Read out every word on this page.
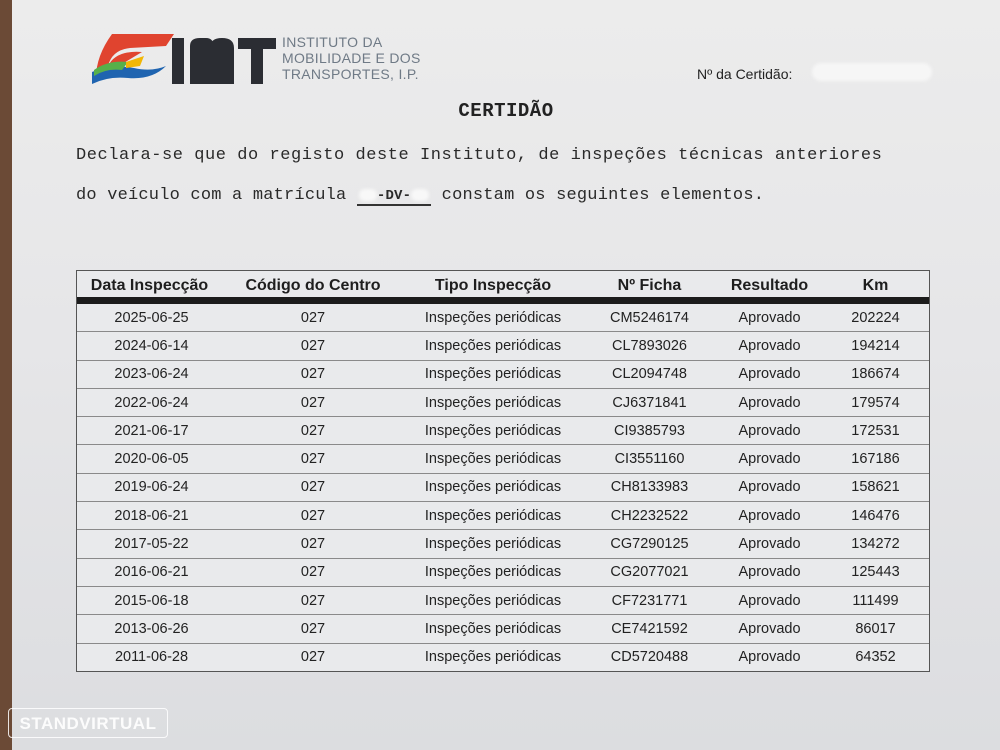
INSTITUTO DA
MOBILIDADE E DOS
TRANSPORTES, I.P.	Nº da Certidão:
CERTIDÃO
Declara-se que do registo deste Instituto, de inspeções técnicas anteriores
do veículo com a matrícula -DV- constam os seguintes elementos.
Data Inspecção	Código do Centro	Tipo Inspecção	Nº Ficha	Resultado	Km
2025-06-25	027	Inspeções periódicas	CM5246174	Aprovado	202224
2024-06-14	027	Inspeções periódicas	CL7893026	Aprovado	194214
2023-06-24	027	Inspeções periódicas	CL2094748	Aprovado	186674
2022-06-24	027	Inspeções periódicas	CJ6371841	Aprovado	179574
2021-06-17	027	Inspeções periódicas	CI9385793	Aprovado	172531
2020-06-05	027	Inspeções periódicas	CI3551160	Aprovado	167186
2019-06-24	027	Inspeções periódicas	CH8133983	Aprovado	158621
2018-06-21	027	Inspeções periódicas	CH2232522	Aprovado	146476
2017-05-22	027	Inspeções periódicas	CG7290125	Aprovado	134272
2016-06-21	027	Inspeções periódicas	CG2077021	Aprovado	125443
2015-06-18	027	Inspeções periódicas	CF7231771	Aprovado	111499
2013-06-26	027	Inspeções periódicas	CE7421592	Aprovado	86017
2011-06-28	027	Inspeções periódicas	CD5720488	Aprovado	64352
STANDVIRTUAL
